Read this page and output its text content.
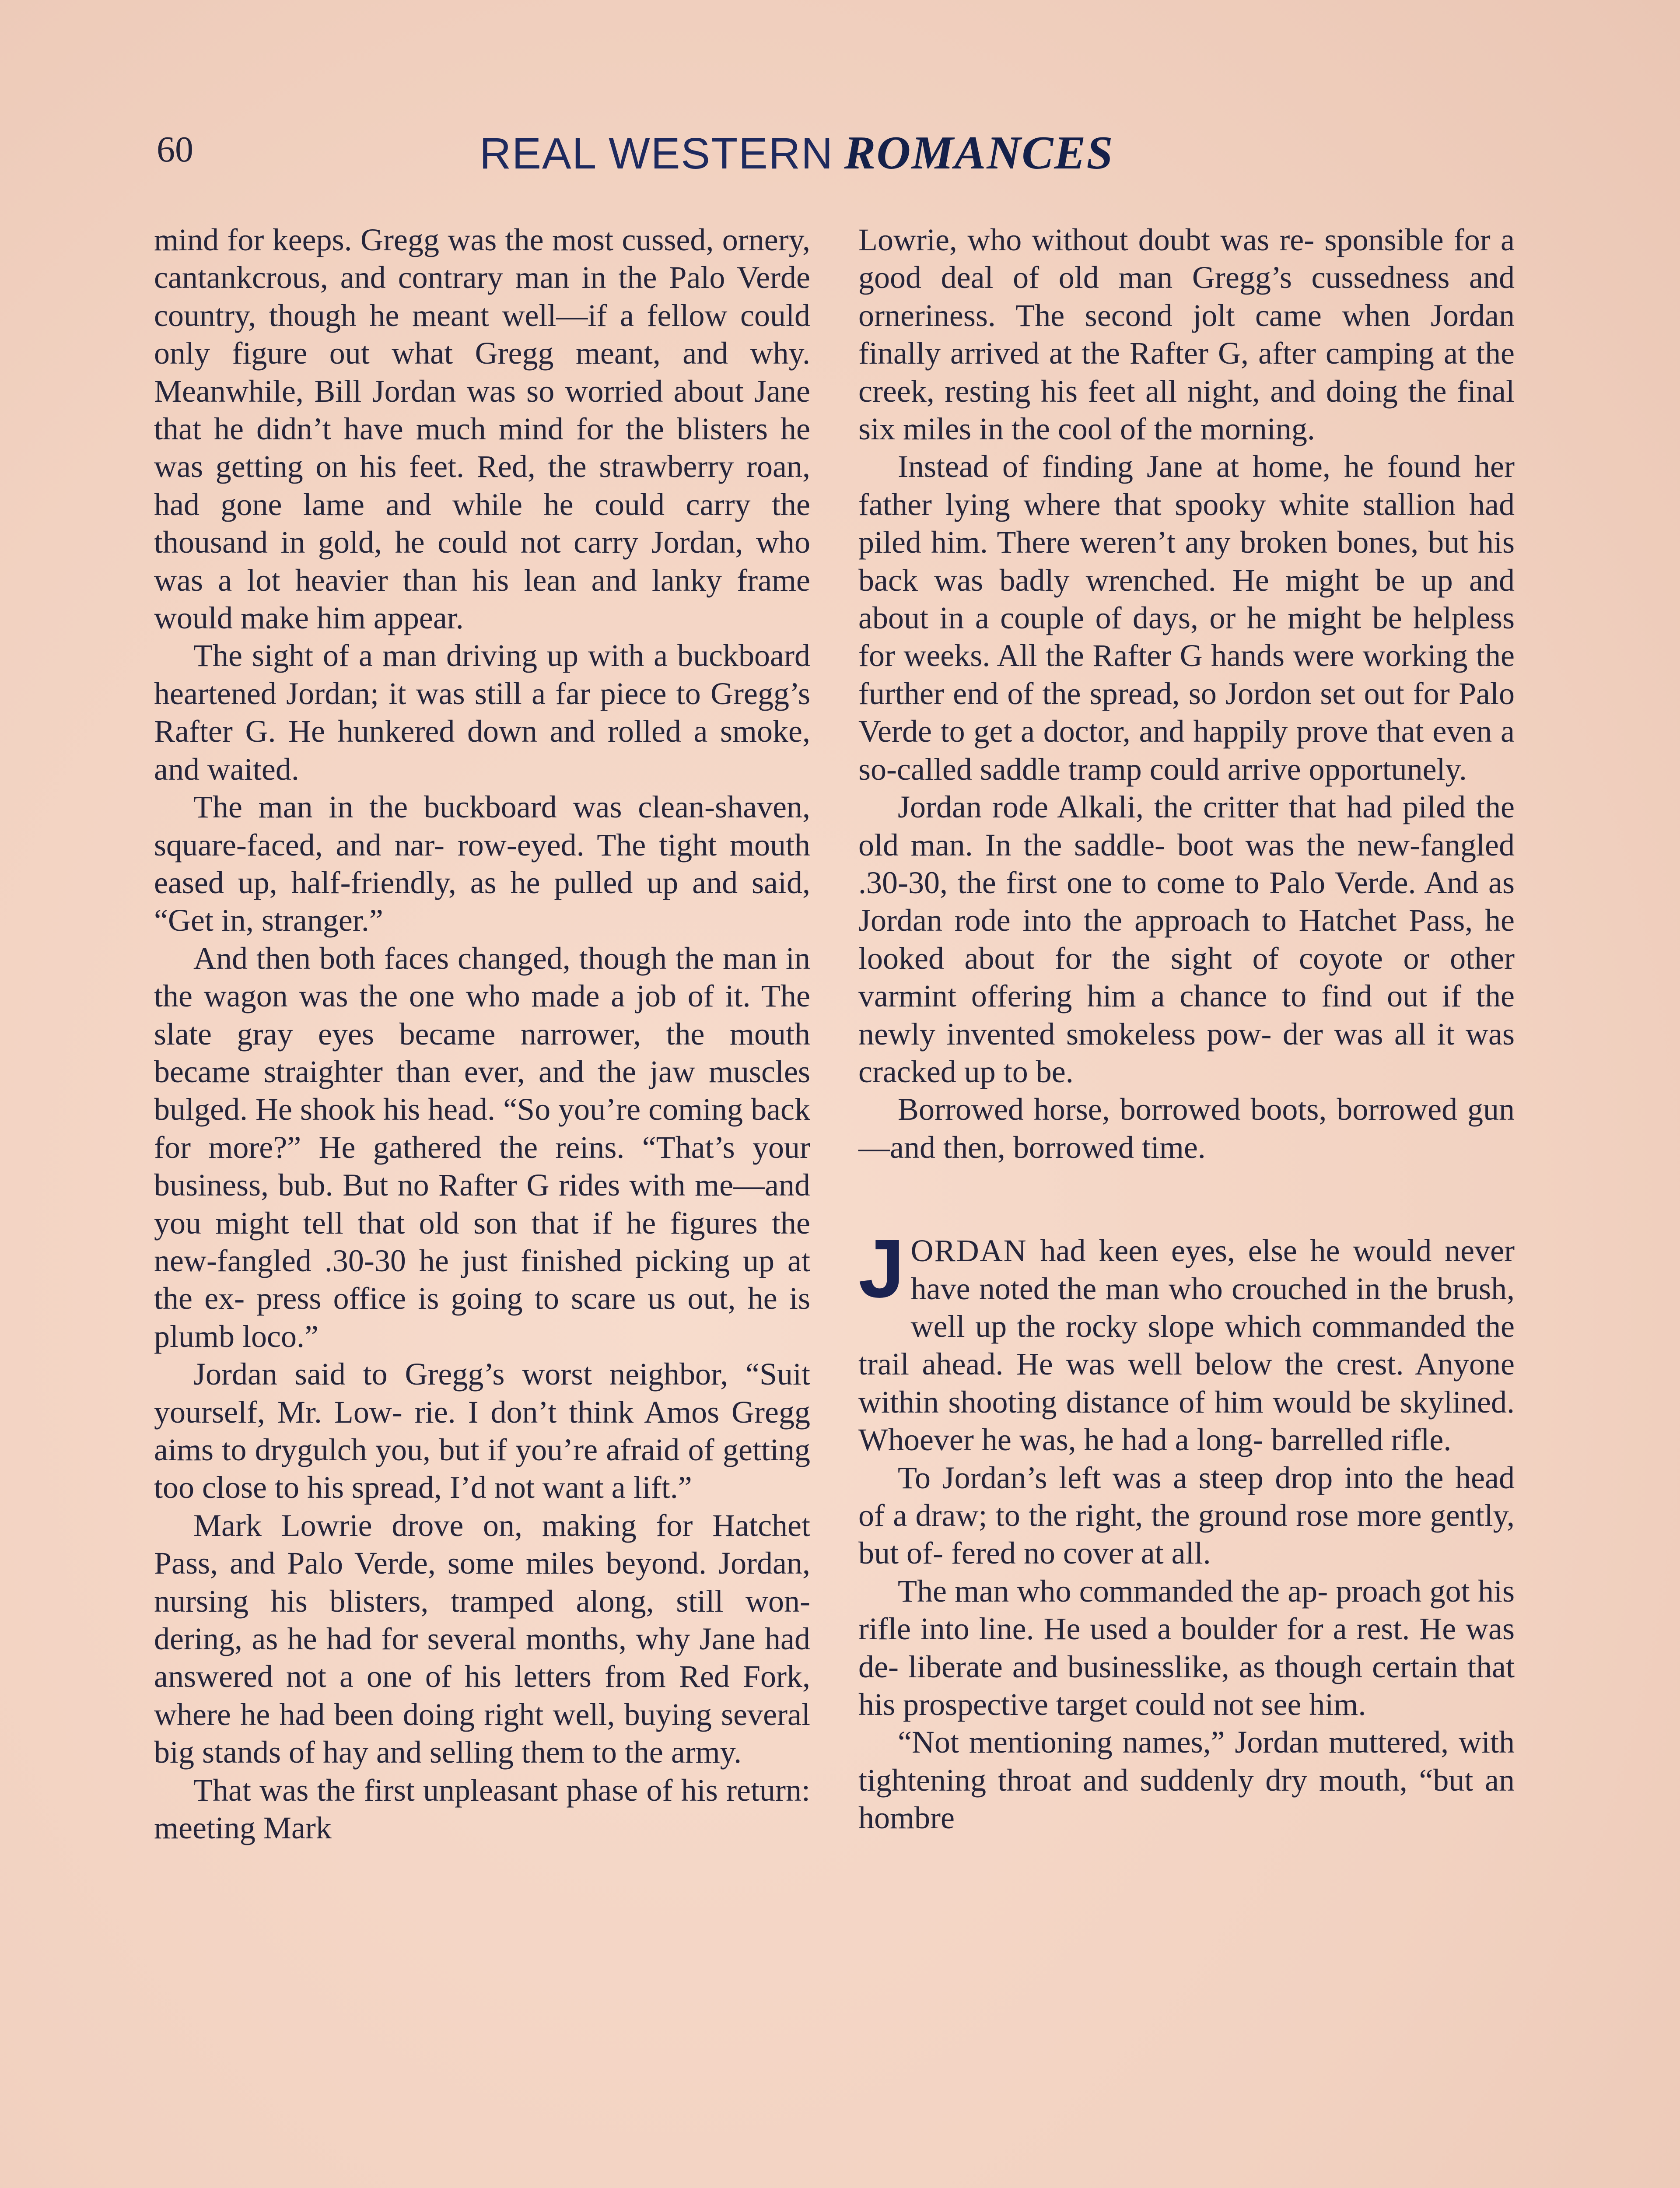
60	REAL WESTERN ROMANCES

mind for keeps. Gregg was the most cussed, ornery, cantankcrous, and contrary man in the Palo Verde country, though he meant well—if a fellow could only figure out what Gregg meant, and why. Meanwhile, Bill Jordan was so worried about Jane that he didn’t have much mind for the blisters he was getting on his feet. Red, the strawberry roan, had gone lame and while he could carry the thousand in gold, he could not carry Jordan, who was a lot heavier than his lean and lanky frame would make him appear.

The sight of a man driving up with a buckboard heartened Jordan; it was still a far piece to Gregg’s Rafter G. He hunkered down and rolled a smoke, and waited.

The man in the buckboard was clean-shaven, square-faced, and nar- row-eyed. The tight mouth eased up, half-friendly, as he pulled up and said, “Get in, stranger.”

And then both faces changed, though the man in the wagon was the one who made a job of it. The slate gray eyes became narrower, the mouth became straighter than ever, and the jaw muscles bulged. He shook his head. “So you’re coming back for more?” He gathered the reins. “That’s your business, bub. But no Rafter G rides with me—and you might tell that old son that if he figures the new-fangled .30-30 he just finished picking up at the ex- press office is going to scare us out, he is plumb loco.”

Jordan said to Gregg’s worst neighbor, “Suit yourself, Mr. Low- rie. I don’t think Amos Gregg aims to drygulch you, but if you’re afraid of getting too close to his spread, I’d not want a lift.”

Mark Lowrie drove on, making for Hatchet Pass, and Palo Verde, some miles beyond. Jordan, nursing his blisters, tramped along, still won- dering, as he had for several months, why Jane had answered not a one of his letters from Red Fork, where he had been doing right well, buying several big stands of hay and selling them to the army.

That was the first unpleasant phase of his return: meeting Mark

Lowrie, who without doubt was re- sponsible for a good deal of old man Gregg’s cussedness and orneriness. The second jolt came when Jordan finally arrived at the Rafter G, after camping at the creek, resting his feet all night, and doing the final six miles in the cool of the morning.

Instead of finding Jane at home, he found her father lying where that spooky white stallion had piled him. There weren’t any broken bones, but his back was badly wrenched. He might be up and about in a couple of days, or he might be helpless for weeks. All the Rafter G hands were working the further end of the spread, so Jordon set out for Palo Verde to get a doctor, and happily prove that even a so-called saddle tramp could arrive opportunely.

Jordan rode Alkali, the critter that had piled the old man. In the saddle- boot was the new-fangled .30-30, the first one to come to Palo Verde. And as Jordan rode into the approach to Hatchet Pass, he looked about for the sight of coyote or other varmint offering him a chance to find out if the newly invented smokeless pow- der was all it was cracked up to be.

Borrowed horse, borrowed boots, borrowed gun—and then, borrowed time.

JORDAN had keen eyes, else he would never have noted the man who crouched in the brush, well up the rocky slope which commanded the trail ahead. He was well below the crest. Anyone within shooting distance of him would be skylined. Whoever he was, he had a long- barrelled rifle.

To Jordan’s left was a steep drop into the head of a draw; to the right, the ground rose more gently, but of- fered no cover at all.

The man who commanded the ap- proach got his rifle into line. He used a boulder for a rest. He was de- liberate and businesslike, as though certain that his prospective target could not see him.

“Not mentioning names,” Jordan muttered, with tightening throat and suddenly dry mouth, “but an hombre
